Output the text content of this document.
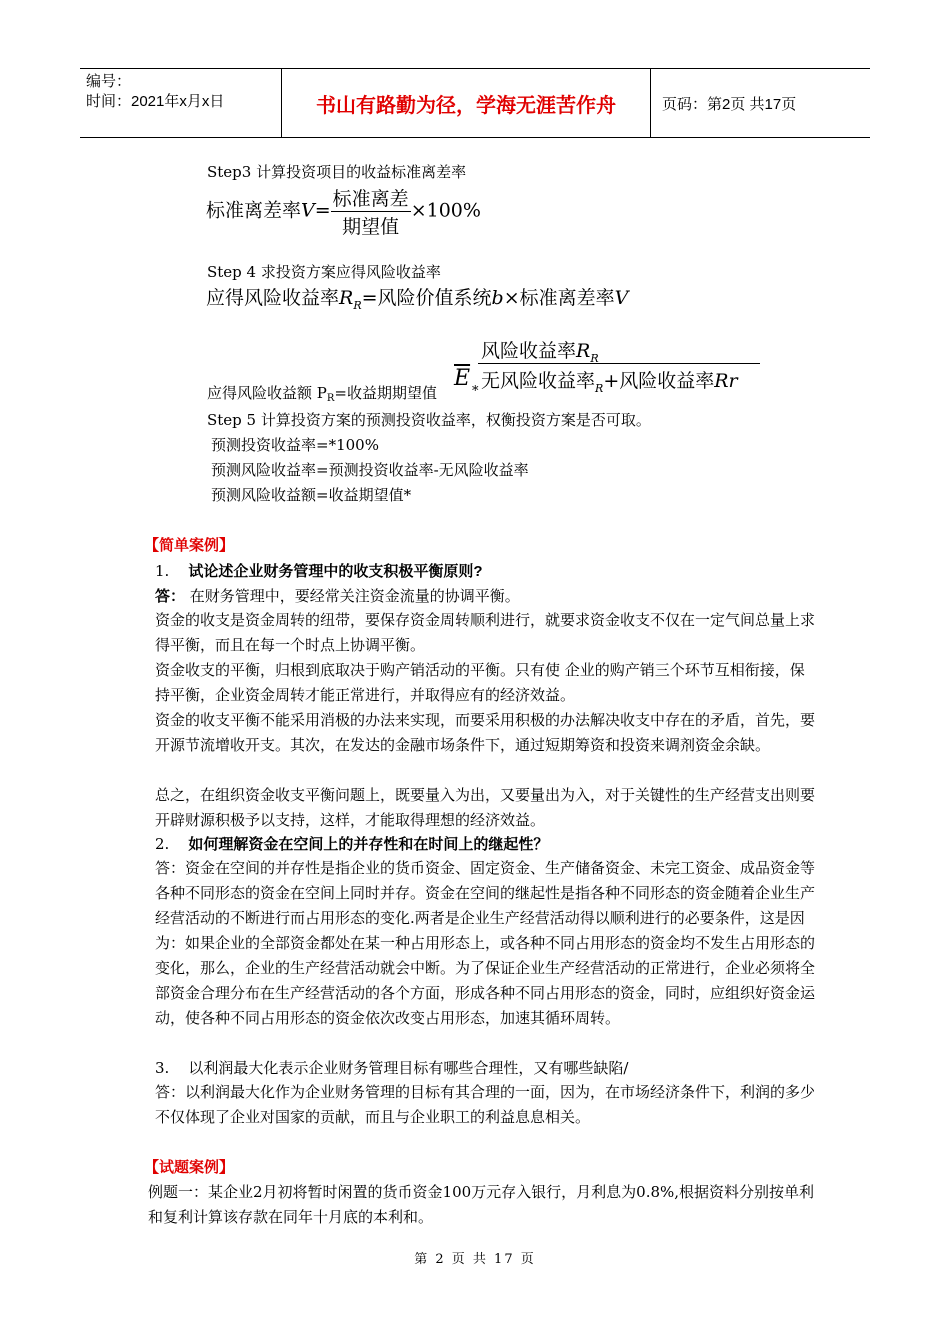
编号：
时间：2021年x月x日	书山有路勤为径，学海无涯苦作舟	页码：第2页 共17页
Step3 计算投资项目的收益标准离差率
标准离差率$V= \frac{\text{标准离差}}{\text{期望值}} \times 100\%$
Step 4 求投资方案应得风险收益率
应得风险收益率$R_R=$风险价值系统b×标准离差率V
风险收益率$R_R$
无风险收益率$_R$+风险收益率Rr
应得风险收益额 $P_R=$收益期期望值
$\overline{E}$
*
Step 5 计算投资方案的预测投资收益率，权衡投资方案是否可取。
预测投资收益率=*100%
预测风险收益率=预测投资收益率-无风险收益率
预测风险收益额=收益期望值*
【简单案例】
1. 试论述企业财务管理中的收支积极平衡原则?
答： 在财务管理中，要经常关注资金流量的协调平衡。
资金的收支是资金周转的纽带，要保存资金周转顺利进行，就要求资金收支不仅在一定气间总量上求得平衡，而且在每一个时点上协调平衡。
资金收支的平衡，归根到底取决于购产销活动的平衡。只有使 企业的购产销三个环节互相衔接，保持平衡，企业资金周转才能正常进行，并取得应有的经济效益。
资金的收支平衡不能采用消极的办法来实现，而要采用积极的办法解决收支中存在的矛盾，首先，要开源节流增收开支。其次，在发达的金融市场条件下，通过短期筹资和投资来调剂资金余缺。
总之，在组织资金收支平衡问题上，既要量入为出，又要量出为入，对于关键性的生产经营支出则要开辟财源积极予以支持，这样，才能取得理想的经济效益。
2. 如何理解资金在空间上的并存性和在时间上的继起性？
答：资金在空间的并存性是指企业的货币资金、固定资金、生产储备资金、未完工资金、成品资金等各种不同形态的资金在空间上同时并存。资金在空间的继起性是指各种不同形态的资金随着企业生产经营活动的不断进行而占用形态的变化.两者是企业生产经营活动得以顺利进行的必要条件，这是因为：如果企业的全部资金都处在某一种占用形态上，或各种不同占用形态的资金均不发生占用形态的变化，那么，企业的生产经营活动就会中断。为了保证企业生产经营活动的正常进行，企业必须将全部资金合理分布在生产经营活动的各个方面，形成各种不同占用形态的资金，同时，应组织好资金运动，使各种不同占用形态的资金依次改变占用形态，加速其循环周转。
3. 以利润最大化表示企业财务管理目标有哪些合理性，又有哪些缺陷/
答：以利润最大化作为企业财务管理的目标有其合理的一面，因为，在市场经济条件下，利润的多少不仅体现了企业对国家的贡献，而且与企业职工的利益息息相关。
【试题案例】
例题一：某企业2月初将暂时闲置的货币资金100万元存入银行，月利息为0.8%,根据资料分别按单利和复利计算该存款在同年十月底的本利和。
第 2 页 共 17 页
